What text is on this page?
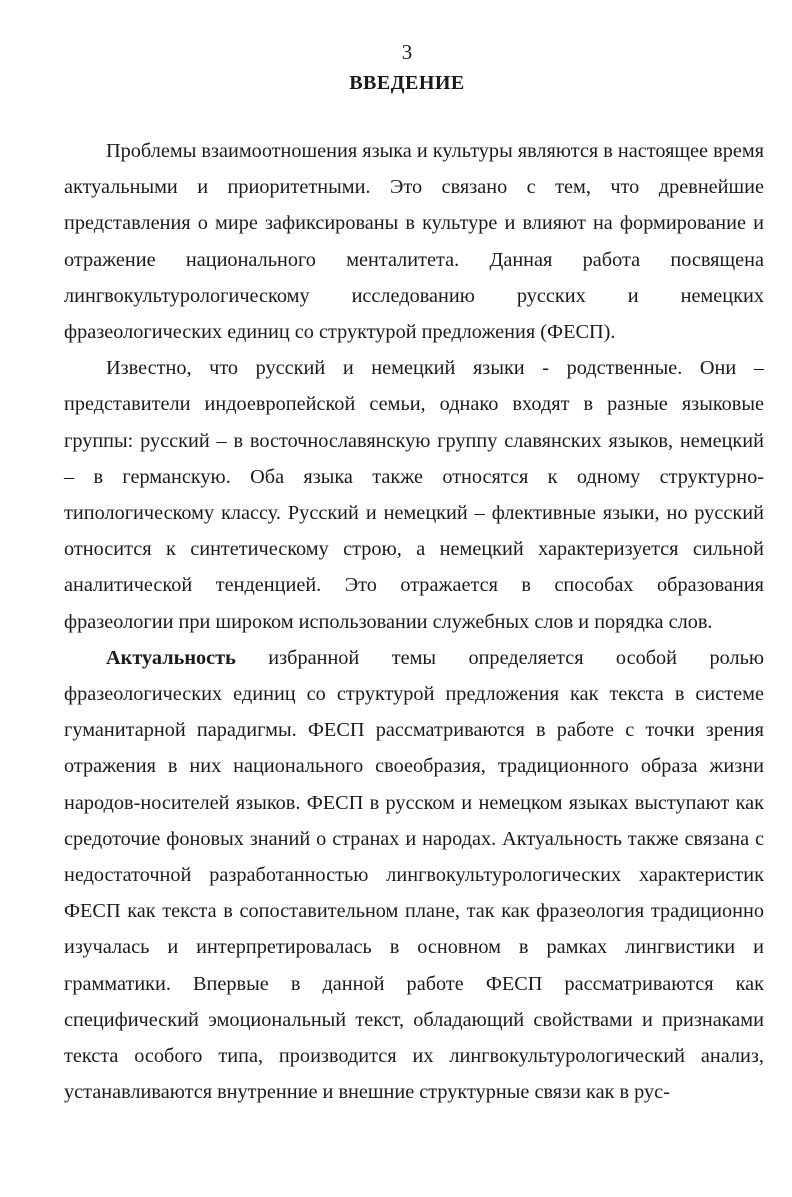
3
ВВЕДЕНИЕ

Проблемы взаимоотношения языка и культуры являются в настоящее время актуальными и приоритетными. Это связано с тем, что древнейшие представления о мире зафиксированы в культуре и влияют на формирование и отражение национального менталитета. Данная работа посвящена лингвокультурологическому исследованию русских и немецких фразеологических единиц со структурой предложения (ФЕСП).

Известно, что русский и немецкий языки - родственные. Они – представители индоевропейской семьи, однако входят в разные языковые группы: русский – в восточнославянскую группу славянских языков, немецкий – в германскую. Оба языка также относятся к одному структурно-типологическому классу. Русский и немецкий – флективные языки, но русский относится к синтетическому строю, а немецкий характеризуется сильной аналитической тенденцией. Это отражается в способах образования фразеологии при широком использовании служебных слов и порядка слов.

Актуальность избранной темы определяется особой ролью фразеологических единиц со структурой предложения как текста в системе гуманитарной парадигмы. ФЕСП рассматриваются в работе с точки зрения отражения в них национального своеобразия, традиционного образа жизни народов-носителей языков. ФЕСП в русском и немецком языках выступают как средоточие фоновых знаний о странах и народах. Актуальность также связана с недостаточной разработанностью лингвокультурологических характеристик ФЕСП как текста в сопоставительном плане, так как фразеология традиционно изучалась и интерпретировалась в основном в рамках лингвистики и грамматики. Впервые в данной работе ФЕСП рассматриваются как специфический эмоциональный текст, обладающий свойствами и признаками текста особого типа, производится их лингвокультурологический анализ, устанавливаются внутренние и внешние структурные связи как в рус-
